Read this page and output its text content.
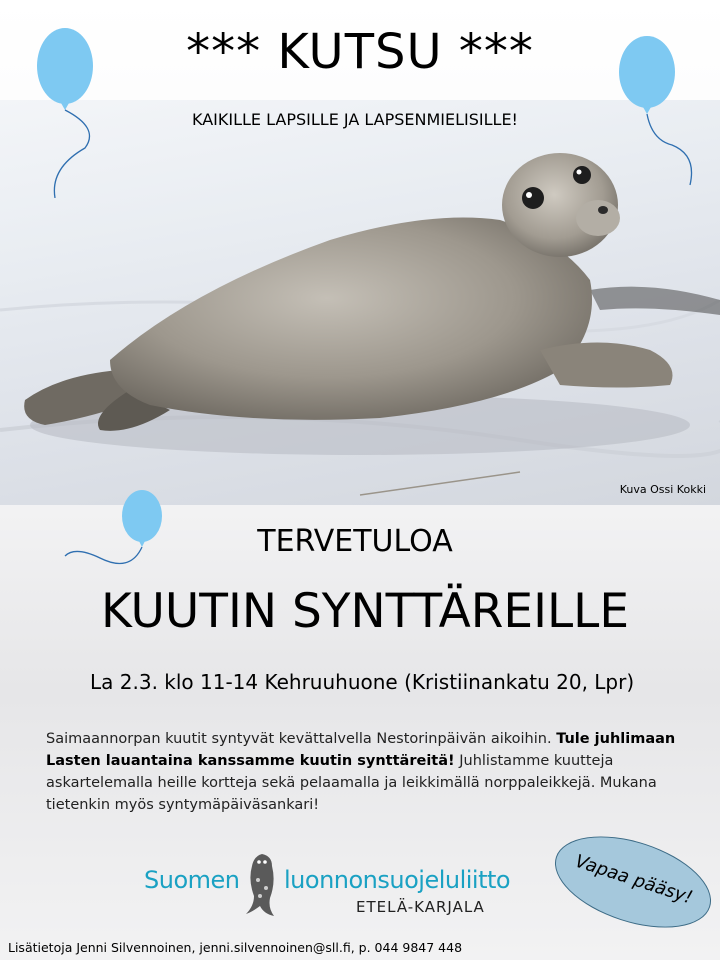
*** KUTSU ***
KAIKILLE LAPSILLE JA LAPSENMIELISILLE!
Kuva Ossi Kokki
TERVETULOA
KUUTIN SYNTTÄREILLE
La 2.3. klo 11-14 Kehruuhuone (Kristiinankatu 20, Lpr)
Saimaannorpan kuutit syntyvät kevättalvella Nestorinpäivän aikoihin. Tule juhlimaan Lasten lauantaina kanssamme kuutin synttäreitä! Juhlistamme kuutteja askartelemalla heille kortteja sekä pelaamalla ja leikkimällä norppaleikkejä. Mukana tietenkin myös syntymäpäiväsankari!
Suomen luonnonsuojeluliitto
ETELÄ-KARJALA	Vapaa pääsy!
Lisätietoja Jenni Silvennoinen, jenni.silvennoinen@sll.fi, p. 044 9847 448
